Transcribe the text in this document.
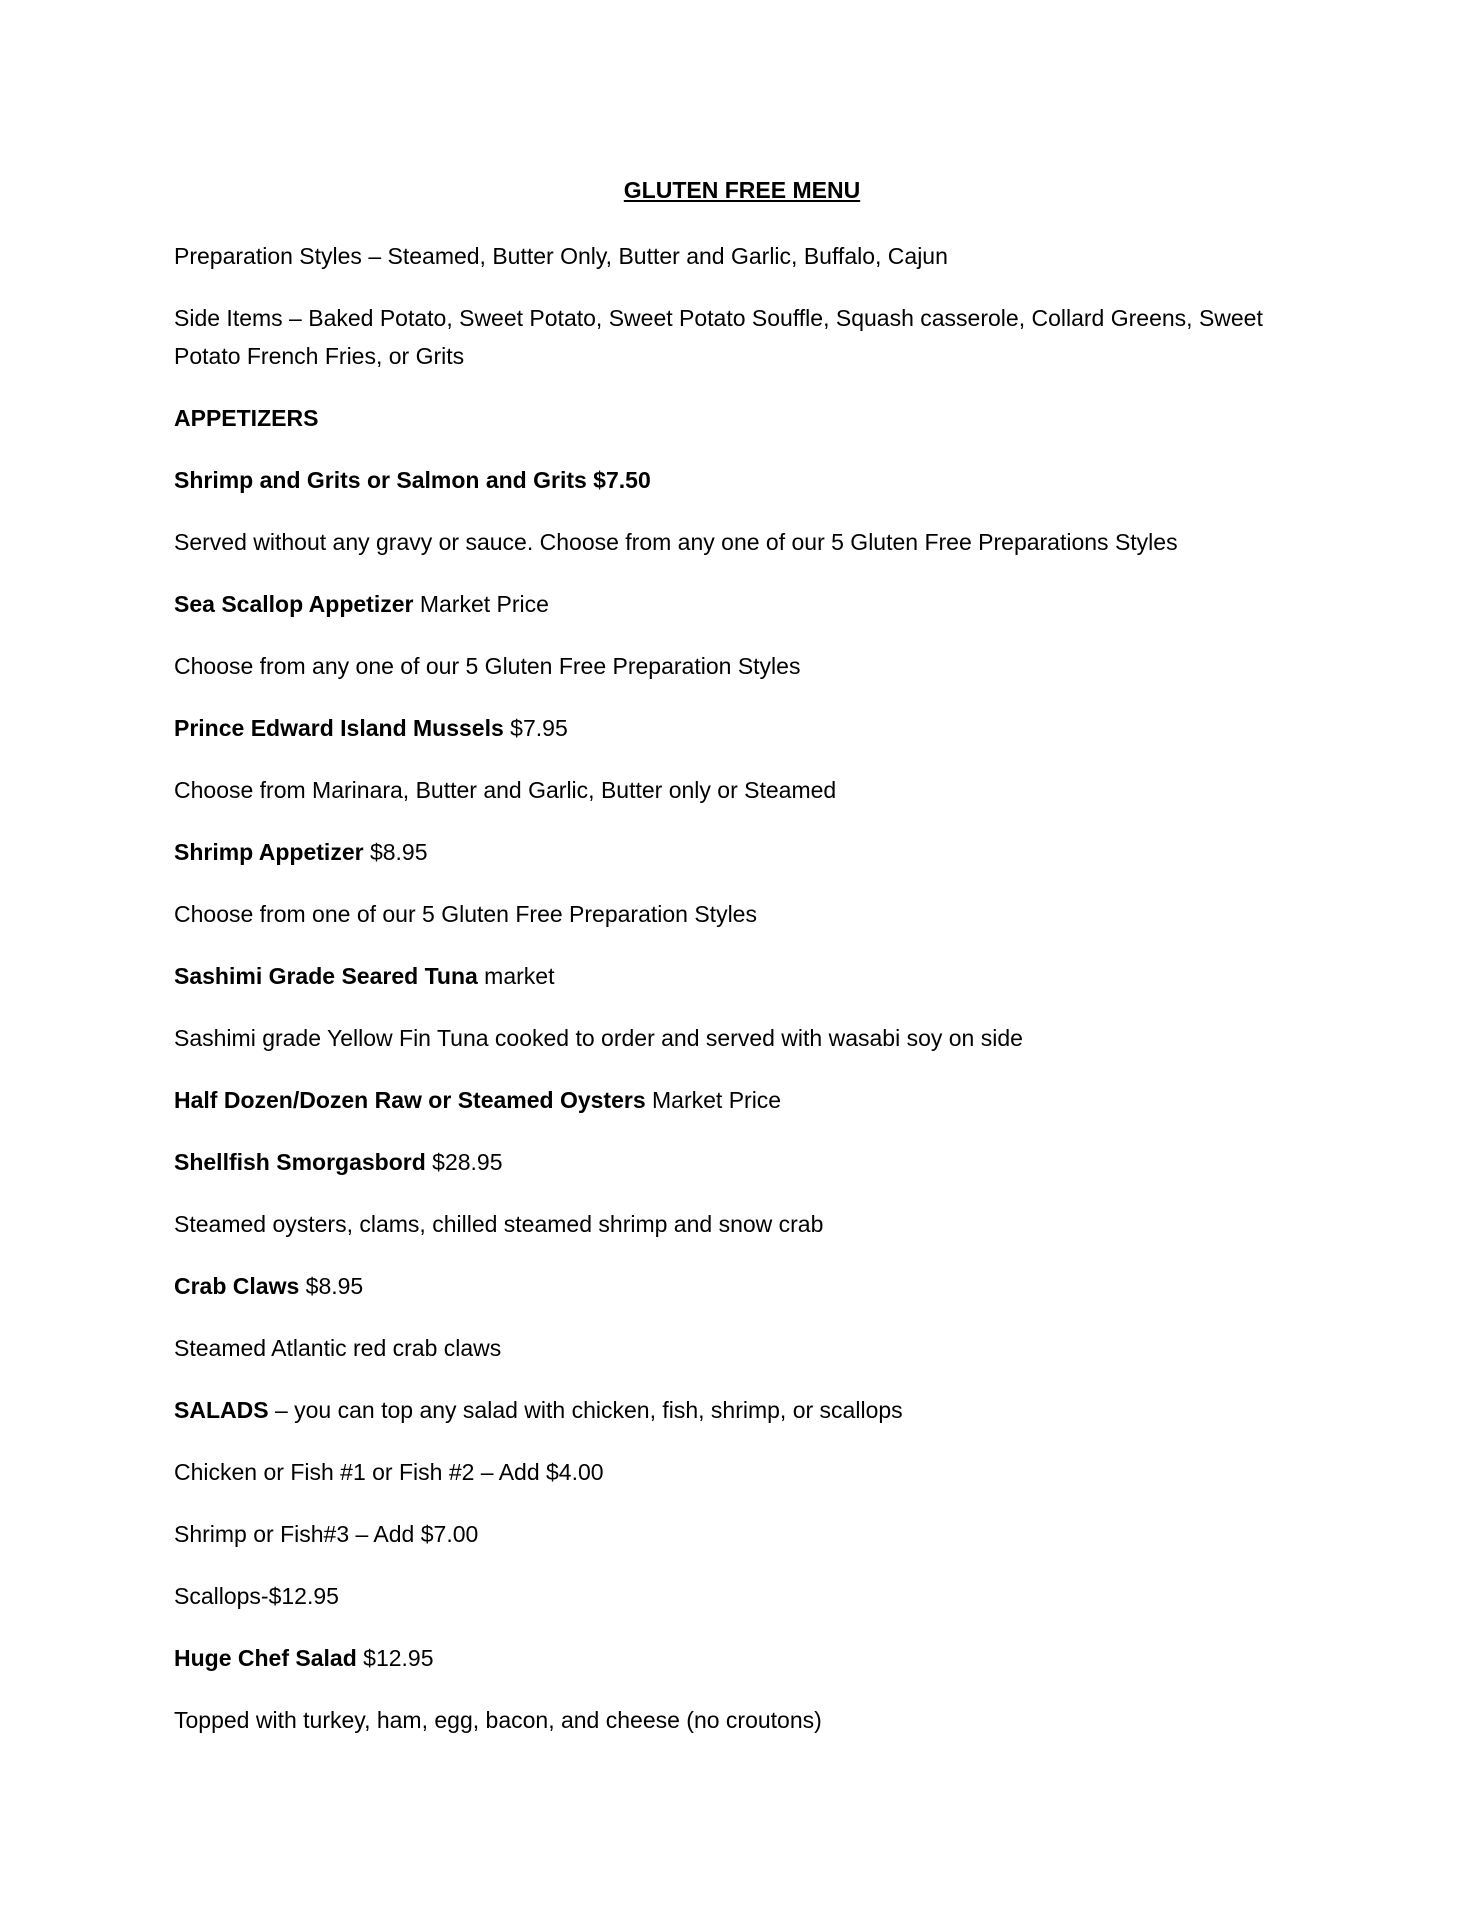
GLUTEN FREE MENU

Preparation Styles – Steamed, Butter Only, Butter and Garlic, Buffalo, Cajun

Side Items – Baked Potato, Sweet Potato, Sweet Potato Souffle, Squash casserole, Collard Greens, Sweet Potato French Fries, or Grits

APPETIZERS

Shrimp and Grits or Salmon and Grits $7.50

Served without any gravy or sauce. Choose from any one of our 5 Gluten Free Preparations Styles

Sea Scallop Appetizer Market Price

Choose from any one of our 5 Gluten Free Preparation Styles

Prince Edward Island Mussels $7.95

Choose from Marinara, Butter and Garlic, Butter only or Steamed

Shrimp Appetizer $8.95

Choose from one of our 5 Gluten Free Preparation Styles

Sashimi Grade Seared Tuna market

Sashimi grade Yellow Fin Tuna cooked to order and served with wasabi soy on side

Half Dozen/Dozen Raw or Steamed Oysters Market Price

Shellfish Smorgasbord $28.95

Steamed oysters, clams, chilled steamed shrimp and snow crab

Crab Claws $8.95

Steamed Atlantic red crab claws

SALADS – you can top any salad with chicken, fish, shrimp, or scallops

Chicken or Fish #1 or Fish #2 – Add $4.00

Shrimp or Fish#3 – Add $7.00

Scallops-$12.95

Huge Chef Salad $12.95

Topped with turkey, ham, egg, bacon, and cheese (no croutons)
